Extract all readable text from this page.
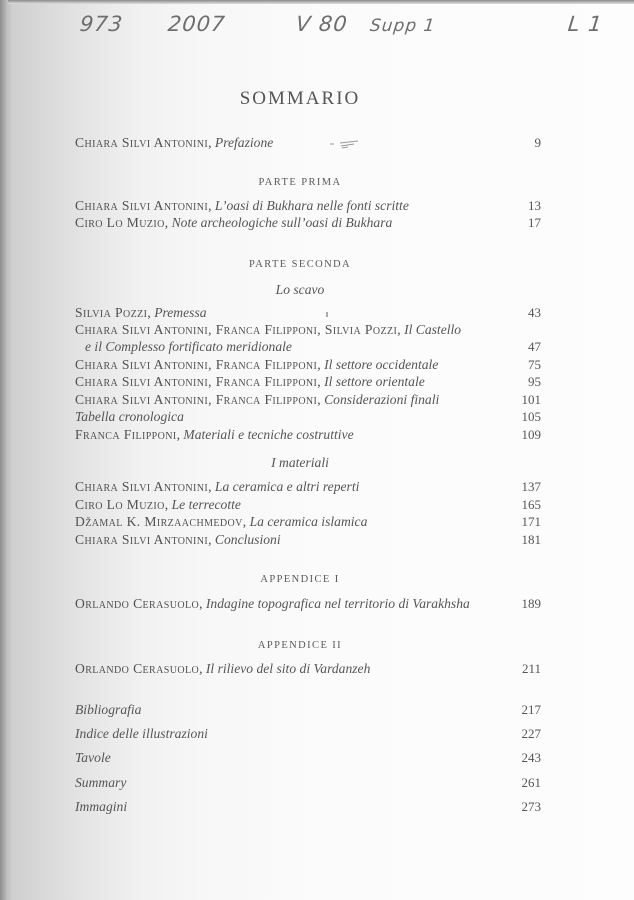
973 2007	V 80 Supp 1	L 1
SOMMARIO
Chiara Silvi Antonini, Prefazione	9
PARTE PRIMA
Chiara Silvi Antonini, L’oasi di Bukhara nelle fonti scritte	13
Ciro Lo Muzio, Note archeologiche sull’oasi di Bukhara	17
PARTE SECONDA
Lo scavo
Silvia Pozzi, Premessa	43
Chiara Silvi Antonini, Franca Filipponi, Silvia Pozzi, Il Castello
e il Complesso fortificato meridionale	47
Chiara Silvi Antonini, Franca Filipponi, Il settore occidentale	75
Chiara Silvi Antonini, Franca Filipponi, Il settore orientale	95
Chiara Silvi Antonini, Franca Filipponi, Considerazioni finali	101
Tabella cronologica	105
Franca Filipponi, Materiali e tecniche costruttive	109
I materiali
Chiara Silvi Antonini, La ceramica e altri reperti	137
Ciro Lo Muzio, Le terrecotte	165
Džamal K. Mirzaachmedov, La ceramica islamica	171
Chiara Silvi Antonini, Conclusioni	181
APPENDICE I
Orlando Cerasuolo, Indagine topografica nel territorio di Varakhsha	189
APPENDICE II
Orlando Cerasuolo, Il rilievo del sito di Vardanzeh	211
Bibliografia	217
Indice delle illustrazioni	227
Tavole	243
Summary	261
Immagini	273
